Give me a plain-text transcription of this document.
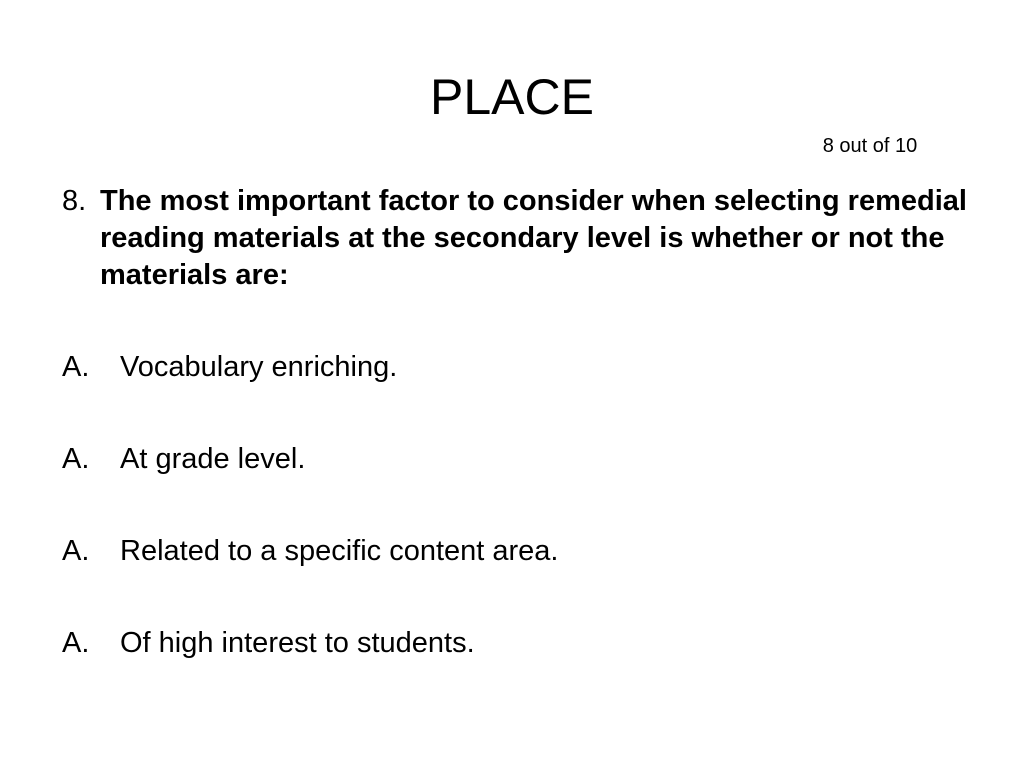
PLACE
8 out of 10
8. The most important factor to consider when selecting remedial reading materials at the secondary level is whether or not the materials are:
A.	Vocabulary enriching.
A.	At grade level.
A.	Related to a specific content area.
A.	Of high interest to students.
